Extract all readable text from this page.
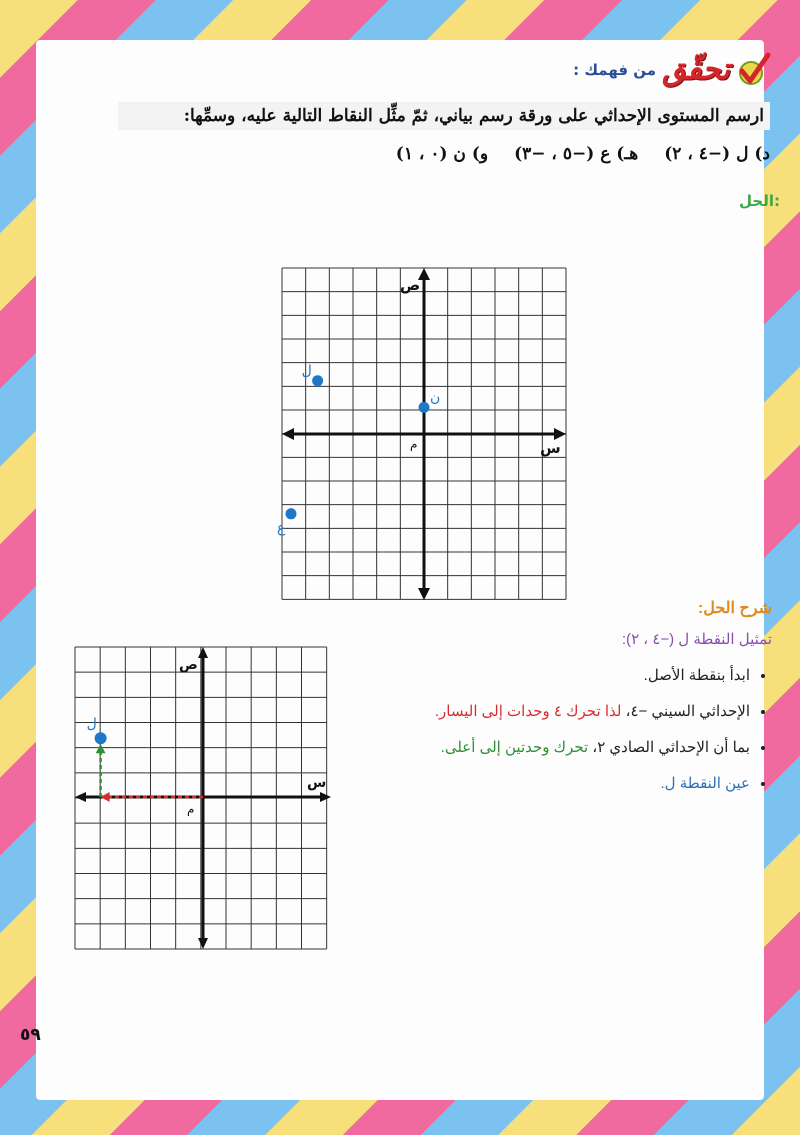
تحقّق
من فهمك :
ارسم المستوى الإحداثي على ورقة رسم بياني، ثمّ مثِّل النقاط التالية عليه، وسمِّها:
د) ل (−٤ ، ٢)
هـ) ع (−٥ ، −٣)
و) ن (٠ ، ١)
الحل:
ص
س
م
ل
ع
ن
ص
س
م
ل
شرح الحل:
تمثيل النقطة ل (−٤ ، ٢):
• ابدأ بنقطة الأصل.
• الإحداثي السيني −٤، لذا تحرك ٤ وحدات إلى اليسار.
• بما أن الإحداثي الصادي ٢، تحرك وحدتين إلى أعلى.
• عين النقطة ل.
٥٩
